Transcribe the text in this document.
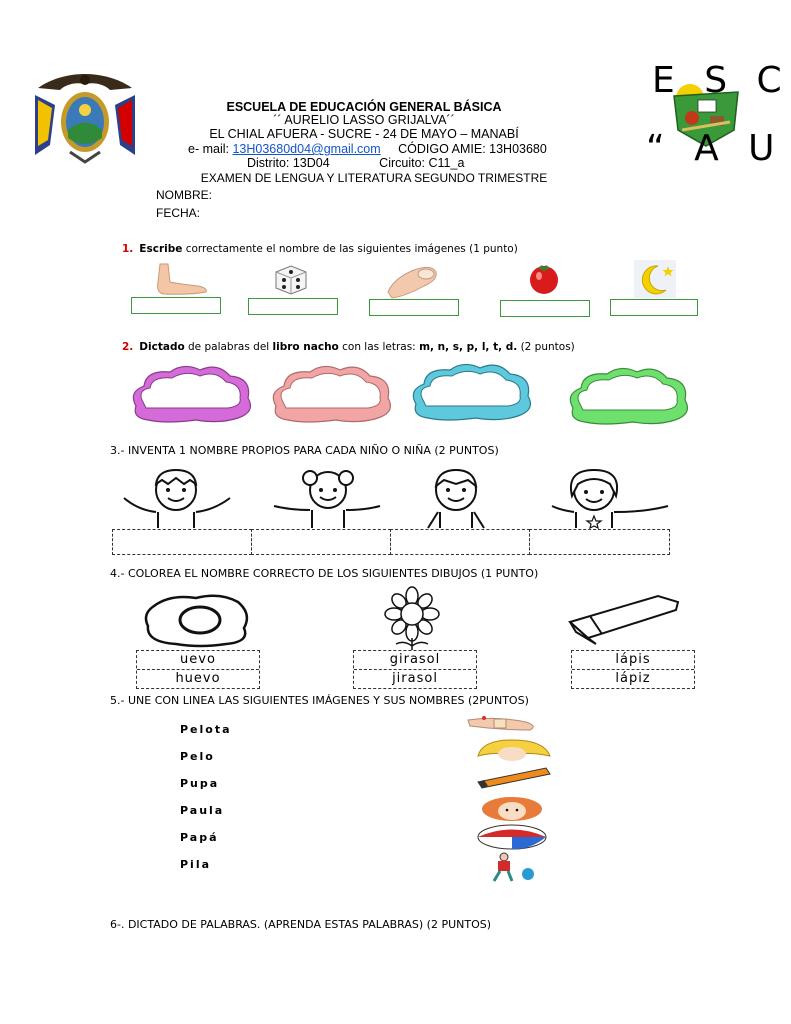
ESCUELA DE EDUCACIÓN GENERAL BÁSICA
´´ AURELIO LASSO GRIJALVA´´
EL CHIAL AFUERA - SUCRE - 24 DE MAYO – MANABÍ
e- mail: 13H03680d04@gmail.com CÓDIGO AMIE: 13H03680
Distrito: 13D04	Circuito: C11_a
EXAMEN DE LENGUA Y LITERATURA SEGUNDO TRIMESTRE
NOMBRE:
FECHA:
E S C
“ A U
1. Escribe correctamente el nombre de las siguientes imágenes (1 punto)
2. Dictado de palabras del libro nacho con las letras: m, n, s, p, l, t, d. (2 puntos)
3.- INVENTA 1 NOMBRE PROPIOS PARA CADA NIÑO O NIÑA (2 PUNTOS)
4.- COLOREA EL NOMBRE CORRECTO DE LOS SIGUIENTES DIBUJOS (1 PUNTO)
uevo
huevo
girasol
jirasol
lápis
lápiz
5.- UNE CON LINEA LAS SIGUIENTES IMÁGENES Y SUS NOMBRES (2PUNTOS)
Pelota
Pelo
Pupa
Paula
Papá
Pila
6-. DICTADO DE PALABRAS. (APRENDA ESTAS PALABRAS) (2 PUNTOS)
